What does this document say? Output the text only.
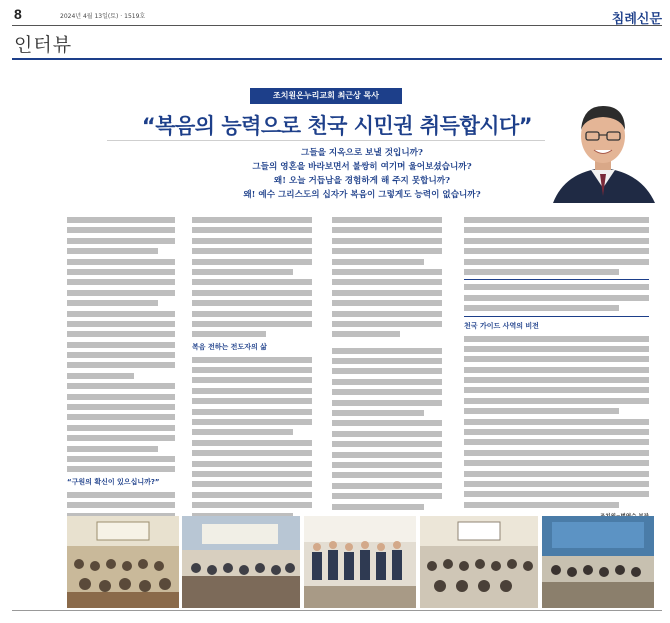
8	2024년 4월 13일(토) · 1519호	침례신문
인터뷰
조치원온누리교회 최근상 목사
“복음의 능력으로 천국 시민권 취득합시다”
그들을 지옥으로 보낼 것입니까?
그들의 영혼을 바라보면서 불쌍히 여기며 울어보셨습니까?
왜! 오늘 거듭남을 경험하게 해 주지 못합니까?
왜! 예수 그리스도의 십자가 복음이 그렇게도 능력이 없습니까?
“구원의 확신이 있으십니까?”
복음 전하는 전도자의 삶
천국 가이드 사역의 비전
